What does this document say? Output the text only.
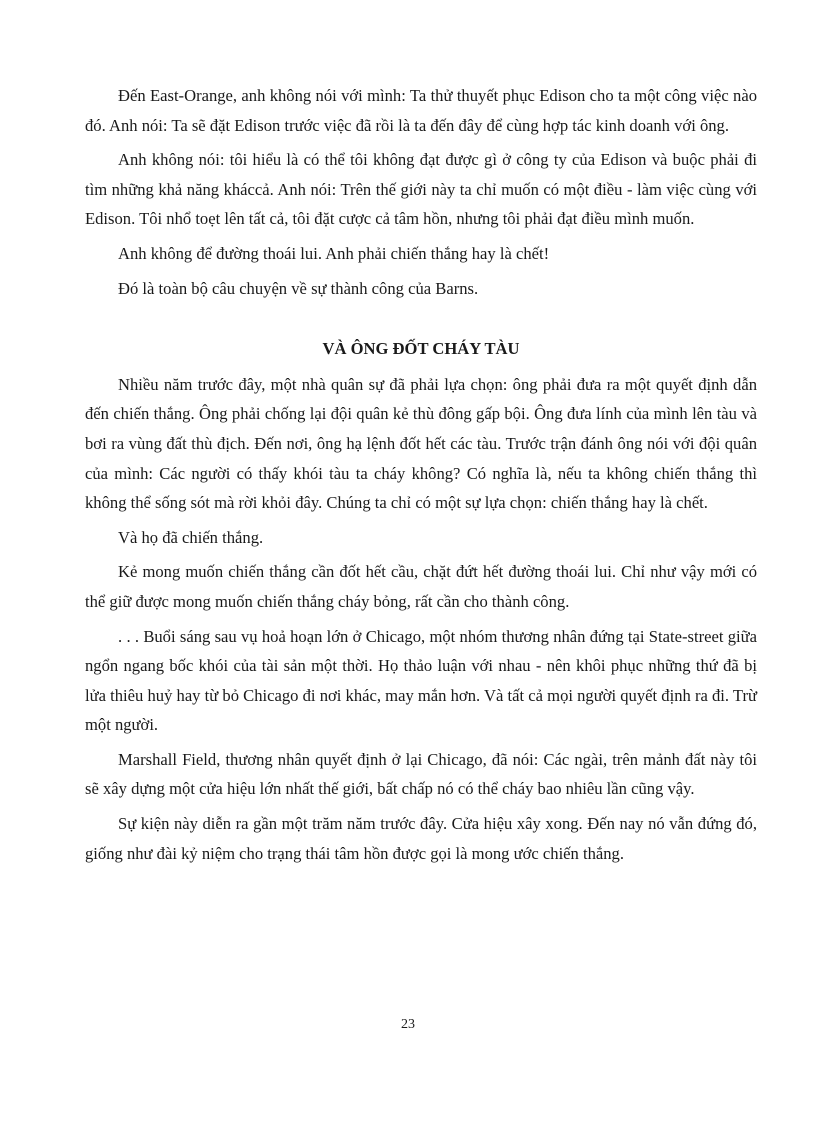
Đến East-Orange, anh không nói với mình: Ta thử thuyết phục Edison cho ta một công việc nào đó. Anh nói: Ta sẽ đặt Edison trước việc đã rồi là ta đến đây để cùng hợp tác kinh doanh với ông.

Anh không nói: tôi hiểu là có thể tôi không đạt được gì ở công ty của Edison và buộc phải đi tìm những khả năng kháccả. Anh nói: Trên thế giới này ta chỉ muốn có một điều - làm việc cùng với Edison. Tôi nhổ toẹt lên tất cả, tôi đặt cược cả tâm hồn, nhưng tôi phải đạt điều mình muốn.

Anh không để đường thoái lui. Anh phải chiến thắng hay là chết!

Đó là toàn bộ câu chuyện về sự thành công của Barns.

VÀ ÔNG ĐỐT CHÁY TÀU

Nhiều năm trước đây, một nhà quân sự đã phải lựa chọn: ông phải đưa ra một quyết định dẫn đến chiến thắng. Ông phải chống lại đội quân kẻ thù đông gấp bội. Ông đưa lính của mình lên tàu và bơi ra vùng đất thù địch. Đến nơi, ông hạ lệnh đốt hết các tàu. Trước trận đánh ông nói với đội quân của mình: Các người có thấy khói tàu ta cháy không? Có nghĩa là, nếu ta không chiến thắng thì không thể sống sót mà rời khỏi đây. Chúng ta chỉ có một sự lựa chọn: chiến thắng hay là chết.

Và họ đã chiến thắng.

Kẻ mong muốn chiến thắng cần đốt hết cầu, chặt đứt hết đường thoái lui. Chỉ như vậy mới có thể giữ được mong muốn chiến thắng cháy bỏng, rất cần cho thành công.

. . . Buổi sáng sau vụ hoả hoạn lớn ở Chicago, một nhóm thương nhân đứng tại State-street giữa ngổn ngang bốc khói của tài sản một thời. Họ thảo luận với nhau - nên khôi phục những thứ đã bị lửa thiêu huỷ hay từ bỏ Chicago đi nơi khác, may mắn hơn. Và tất cả mọi người quyết định ra đi. Trừ một người.

Marshall Field, thương nhân quyết định ở lại Chicago, đã nói: Các ngài, trên mảnh đất này tôi sẽ xây dựng một cửa hiệu lớn nhất thế giới, bất chấp nó có thể cháy bao nhiêu lần cũng vậy.

Sự kiện này diễn ra gần một trăm năm trước đây. Cửa hiệu xây xong. Đến nay nó vẫn đứng đó, giống như đài kỷ niệm cho trạng thái tâm hồn được gọi là mong ước chiến thắng.

23
